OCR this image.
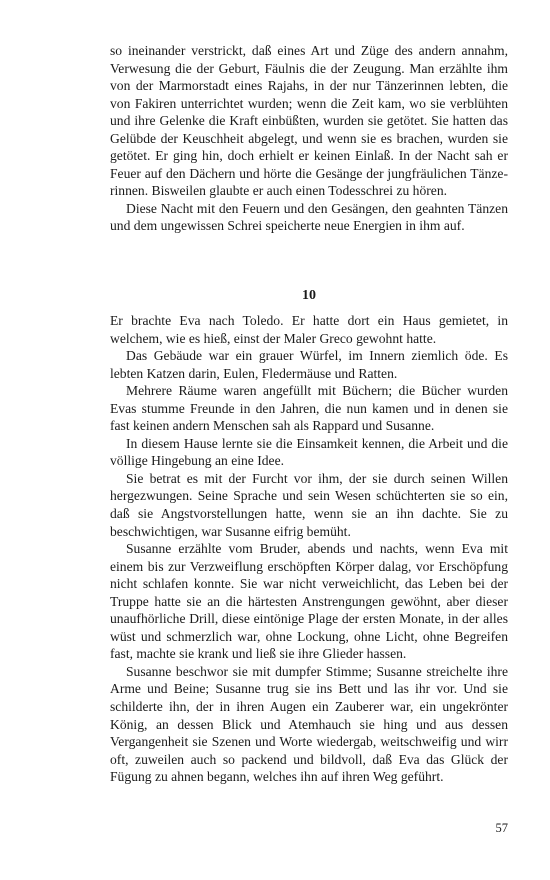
so ineinander verstrickt, daß eines Art und Züge des andern annahm, Verwesung die der Geburt, Fäulnis die der Zeugung. Man erzählte ihm von der Marmorstadt eines Rajahs, in der nur Tänzerinnen lebten, die von Fakiren unterrichtet wurden; wenn die Zeit kam, wo sie verblühten und ihre Gelenke die Kraft einbüßten, wurden sie getötet. Sie hatten das Gelübde der Keuschheit abgelegt, und wenn sie es brachen, wurden sie getötet. Er ging hin, doch erhielt er keinen Einlaß. In der Nacht sah er Feuer auf den Dächern und hörte die Gesänge der jungfräulichen Tänzerinnen. Bisweilen glaubte er auch einen Todesschrei zu hören.

Diese Nacht mit den Feuern und den Gesängen, den geahnten Tänzen und dem ungewissen Schrei speicherte neue Energien in ihm auf.

10

Er brachte Eva nach Toledo. Er hatte dort ein Haus gemietet, in welchem, wie es hieß, einst der Maler Greco gewohnt hatte.

Das Gebäude war ein grauer Würfel, im Innern ziemlich öde. Es lebten Katzen darin, Eulen, Fledermäuse und Ratten.

Mehrere Räume waren angefüllt mit Büchern; die Bücher wurden Evas stumme Freunde in den Jahren, die nun kamen und in denen sie fast keinen andern Menschen sah als Rappard und Susanne.

In diesem Hause lernte sie die Einsamkeit kennen, die Arbeit und die völlige Hingebung an eine Idee.

Sie betrat es mit der Furcht vor ihm, der sie durch seinen Willen hergezwungen. Seine Sprache und sein Wesen schüchterten sie so ein, daß sie Angstvorstellungen hatte, wenn sie an ihn dachte. Sie zu beschwichtigen, war Susanne eifrig bemüht.

Susanne erzählte vom Bruder, abends und nachts, wenn Eva mit einem bis zur Verzweiflung erschöpften Körper dalag, vor Erschöpfung nicht schlafen konnte. Sie war nicht verweichlicht, das Leben bei der Truppe hatte sie an die härtesten Anstrengungen gewöhnt, aber dieser unaufhörliche Drill, diese eintönige Plage der ersten Monate, in der alles wüst und schmerzlich war, ohne Lockung, ohne Licht, ohne Begreifen fast, machte sie krank und ließ sie ihre Glieder hassen.

Susanne beschwor sie mit dumpfer Stimme; Susanne streichelte ihre Arme und Beine; Susanne trug sie ins Bett und las ihr vor. Und sie schilderte ihn, der in ihren Augen ein Zauberer war, ein ungekrönter König, an dessen Blick und Atemhauch sie hing und aus dessen Vergangenheit sie Szenen und Worte wiedergab, weitschweifig und wirr oft, zuweilen auch so packend und bildvoll, daß Eva das Glück der Fügung zu ahnen begann, welches ihn auf ihren Weg geführt.

57
